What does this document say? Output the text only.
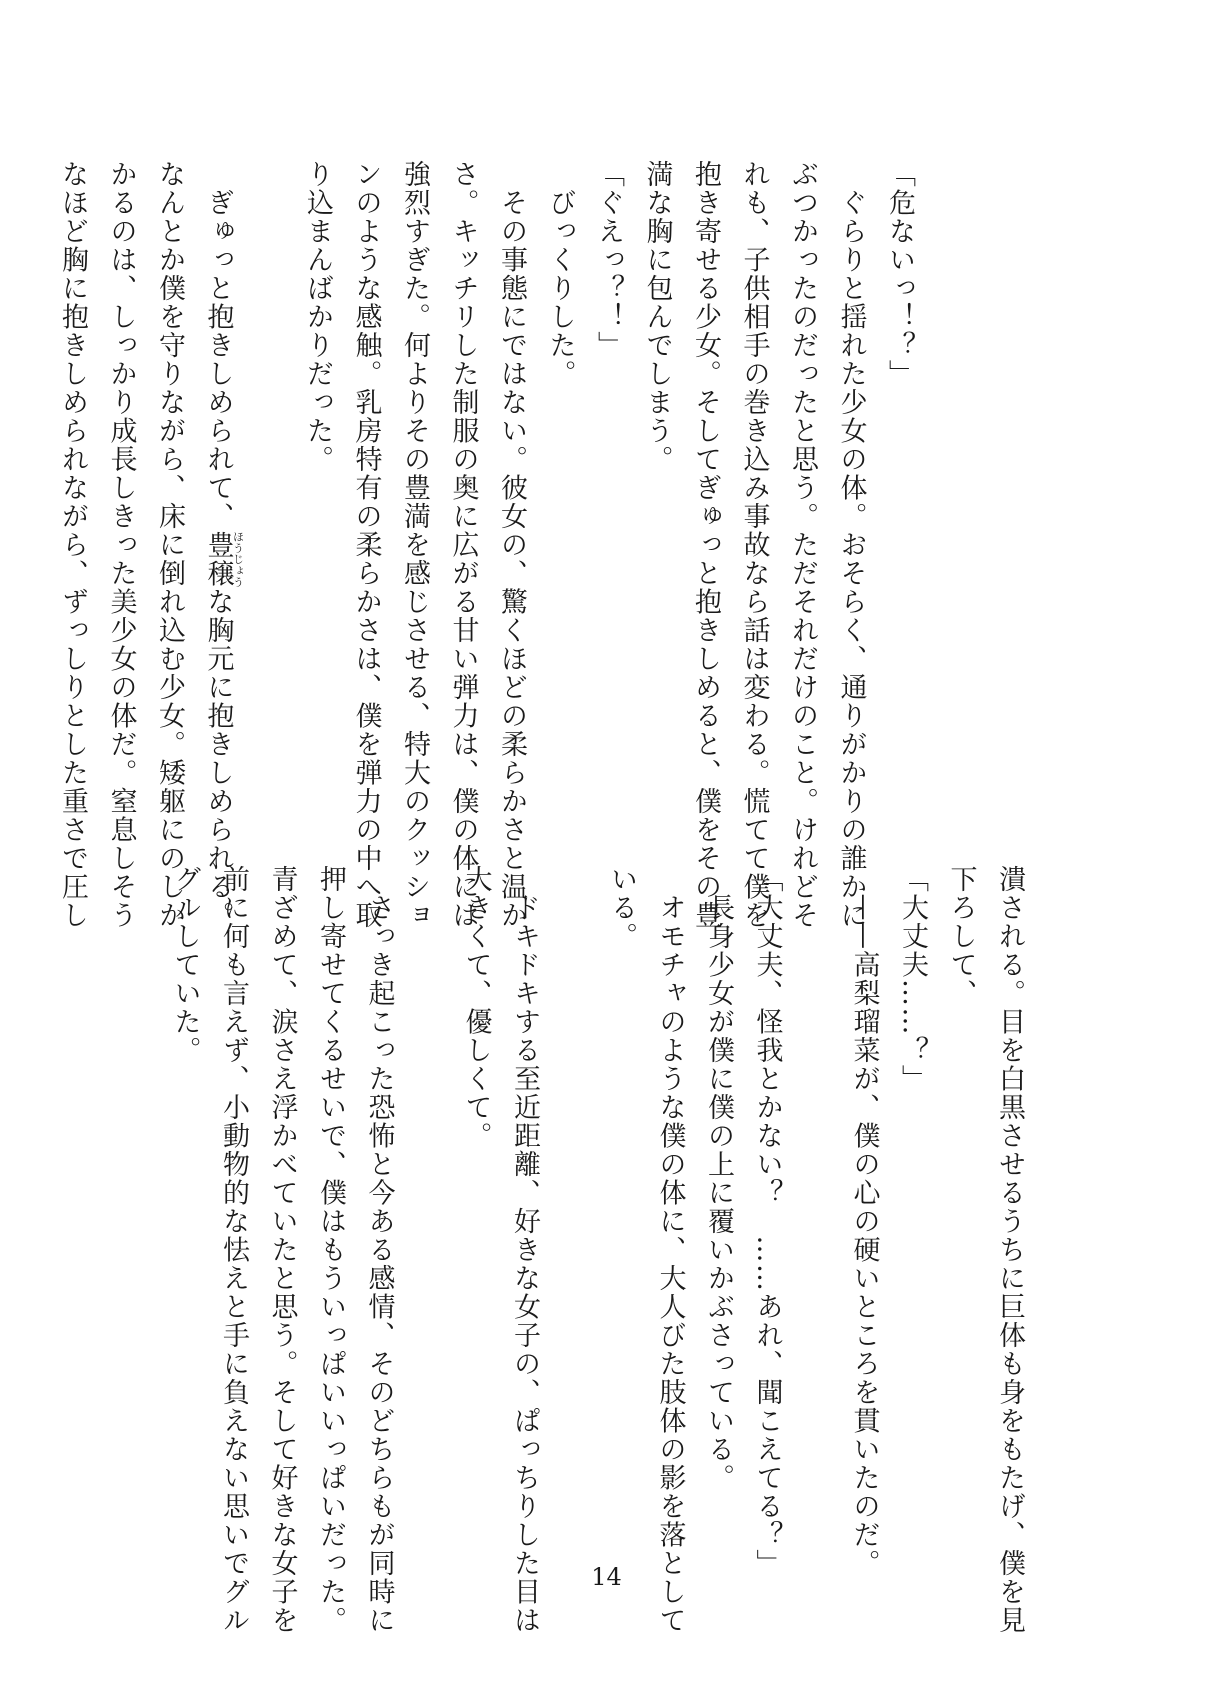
「危ないっ！？」
　ぐらりと揺れた少女の体。おそらく、通りがかりの誰かに
ぶつかったのだったと思う。ただそれだけのこと。けれどそ
れも、子供相手の巻き込み事故なら話は変わる。慌てて僕を
抱き寄せる少女。そしてぎゅっと抱きしめると、僕をその豊
満な胸に包んでしまう。
「ぐえっ？！」
　びっくりした。
　その事態にではない。彼女の、驚くほどの柔らかさと温か
さ。キッチリした制服の奥に広がる甘い弾力は、僕の体には
強烈すぎた。何よりその豊満を感じさせる、特大のクッショ
ンのような感触。乳房特有の柔らかさは、僕を弾力の中へ取
り込まんばかりだった。
　ぎゅっと抱きしめられて、豊穣ほうじょうな胸元に抱きしめられる。
なんとか僕を守りながら、床に倒れ込む少女。矮躯にのしか
かるのは、しっかり成長しきった美少女の体だ。窒息しそう
なほど胸に抱きしめられながら、ずっしりとした重さで圧し
潰される。目を白黒させるうちに巨体も身をもたげ、僕を見
下ろして、
「大丈夫……？」
　——高梨瑠菜が、僕の心の硬いところを貫いたのだ。
「大丈夫、怪我とかない？　……あれ、聞こえてる？」
　長身少女が僕に僕の上に覆いかぶさっている。
　オモチャのような僕の体に、大人びた肢体の影を落として
いる。
　ドキドキする至近距離、好きな女子の、ぱっちりした目は
大きくて、優しくて。
　さっき起こった恐怖と今ある感情、そのどちらもが同時に
押し寄せてくるせいで、僕はもういっぱいいっぱいだった。
青ざめて、涙さえ浮かべていたと思う。そして好きな女子を
前に何も言えず、小動物的な怯えと手に負えない思いでグル
グルしていた。
14
